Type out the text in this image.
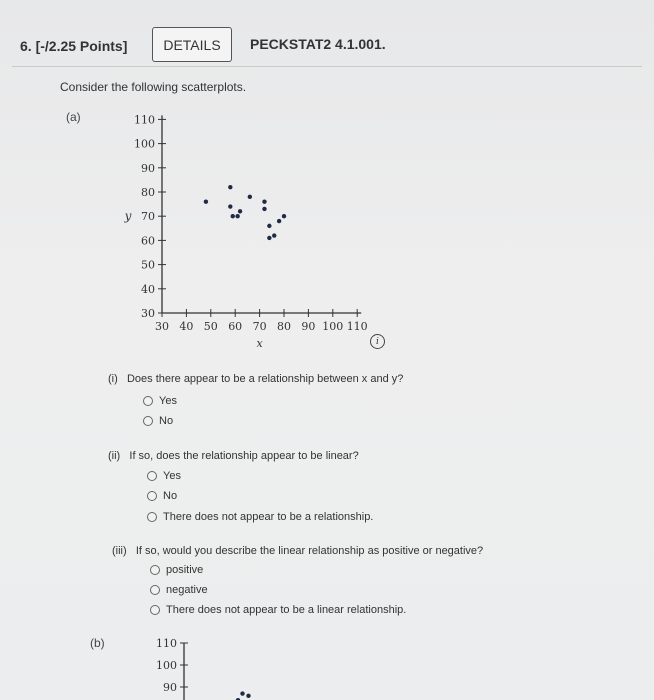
6. [-/2.25 Points]	DETAILS	PECKSTAT2 4.1.001.
Consider the following scatterplots.
(a)
30
40
50
60
70
80
90
100
110
30 40 50 60 70 80 90 100 110
x
y
i
(i) Does there appear to be a relationship between x and y?
Yes
No
(ii) If so, does the relationship appear to be linear?
Yes
No
There does not appear to be a relationship.
(iii) If so, would you describe the linear relationship as positive or negative?
positive
negative
There does not appear to be a linear relationship.
(b)	110
100
90
